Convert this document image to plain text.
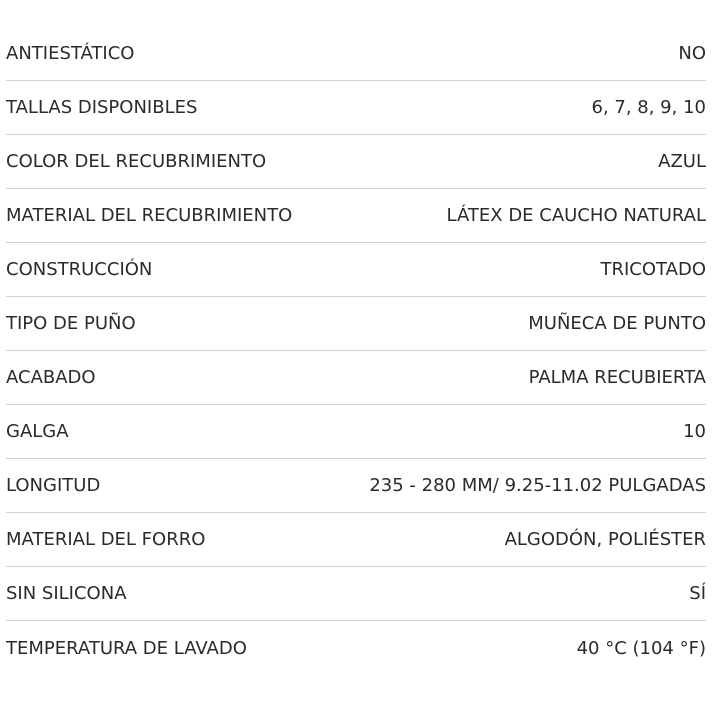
ANTIESTÁTICO	NO
TALLAS DISPONIBLES	6, 7, 8, 9, 10
COLOR DEL RECUBRIMIENTO	AZUL
MATERIAL DEL RECUBRIMIENTO	LÁTEX DE CAUCHO NATURAL
CONSTRUCCIÓN	TRICOTADO
TIPO DE PUÑO	MUÑECA DE PUNTO
ACABADO	PALMA RECUBIERTA
GALGA	10
LONGITUD	235 - 280 MM/ 9.25-11.02 PULGADAS
MATERIAL DEL FORRO	ALGODÓN, POLIÉSTER
SIN SILICONA	SÍ
TEMPERATURA DE LAVADO	40 °C (104 °F)
